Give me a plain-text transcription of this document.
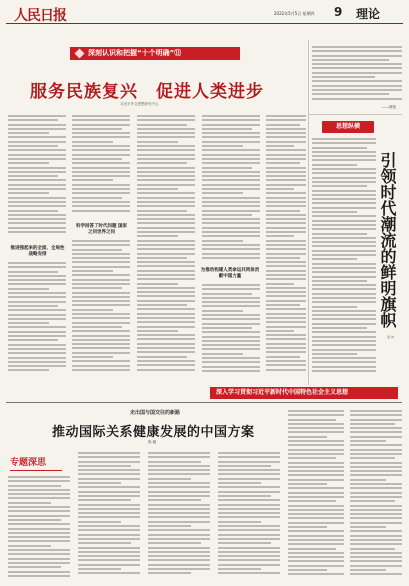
人民日报	2022年5月5日 星期四 9 理论
深刻认识和把握“十个明确”⑪
服务民族复兴　促进人类进步
习近平外交思想研究中心
推进强起来的全面、全局性战略安排
科学回答了时代问题 国家之问世界之问
为推动构建人类命运共同体贡献中国力量
——理论
思想纵横
引领时代潮流的鲜明旗帜
袁 伟
深入学习贯彻习近平新时代中国特色社会主义思想
走出国与国交往的新路
推动国际关系健康发展的中国方案
陈 璐
专题深思
